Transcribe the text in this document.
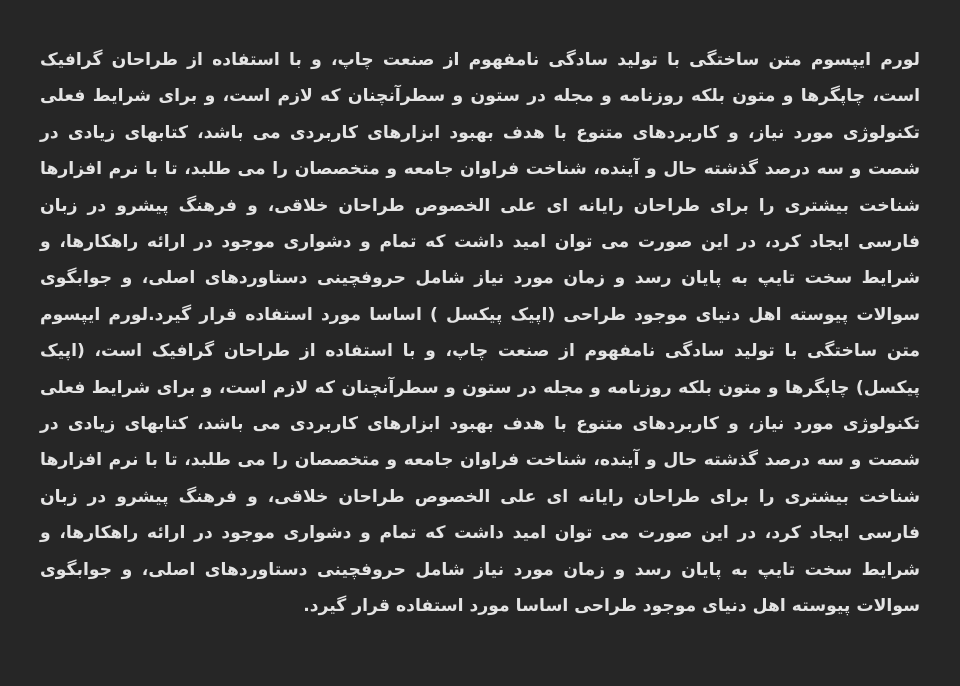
لورم ایپسوم متن ساختگی با تولید سادگی نامفهوم از صنعت چاپ، و با استفاده از طراحان گرافیک است، چاپگرها و متون بلکه روزنامه و مجله در ستون و سطرآنچنان که لازم است، و برای شرایط فعلی تکنولوژی مورد نیاز، و کاربردهای متنوع با هدف بهبود ابزارهای کاربردی می باشد، کتابهای زیادی در شصت و سه درصد گذشته حال و آینده، شناخت فراوان جامعه و متخصصان را می طلبد، تا با نرم افزارها شناخت بیشتری را برای طراحان رایانه ای علی الخصوص طراحان خلاقی، و فرهنگ پیشرو در زبان فارسی ایجاد کرد، در این صورت می توان امید داشت که تمام و دشواری موجود در ارائه راهکارها، و شرایط سخت تایپ به پایان رسد و زمان مورد نیاز شامل حروفچینی دستاوردهای اصلی، و جوابگوی سوالات پیوسته اهل دنیای موجود طراحی (اپیک پیکسل ) اساسا مورد استفاده قرار گیرد.لورم ایپسوم متن ساختگی با تولید سادگی نامفهوم از صنعت چاپ، و با استفاده از طراحان گرافیک است، (اپیک پیکسل) چاپگرها و متون بلکه روزنامه و مجله در ستون و سطرآنچنان که لازم است، و برای شرایط فعلی تکنولوژی مورد نیاز، و کاربردهای متنوع با هدف بهبود ابزارهای کاربردی می باشد، کتابهای زیادی در شصت و سه درصد گذشته حال و آینده، شناخت فراوان جامعه و متخصصان را می طلبد، تا با نرم افزارها شناخت بیشتری را برای طراحان رایانه ای علی الخصوص طراحان خلاقی، و فرهنگ پیشرو در زبان فارسی ایجاد کرد، در این صورت می توان امید داشت که تمام و دشواری موجود در ارائه راهکارها، و شرایط سخت تایپ به پایان رسد و زمان مورد نیاز شامل حروفچینی دستاوردهای اصلی، و جوابگوی سوالات پیوسته اهل دنیای موجود طراحی اساسا مورد استفاده قرار گیرد.
